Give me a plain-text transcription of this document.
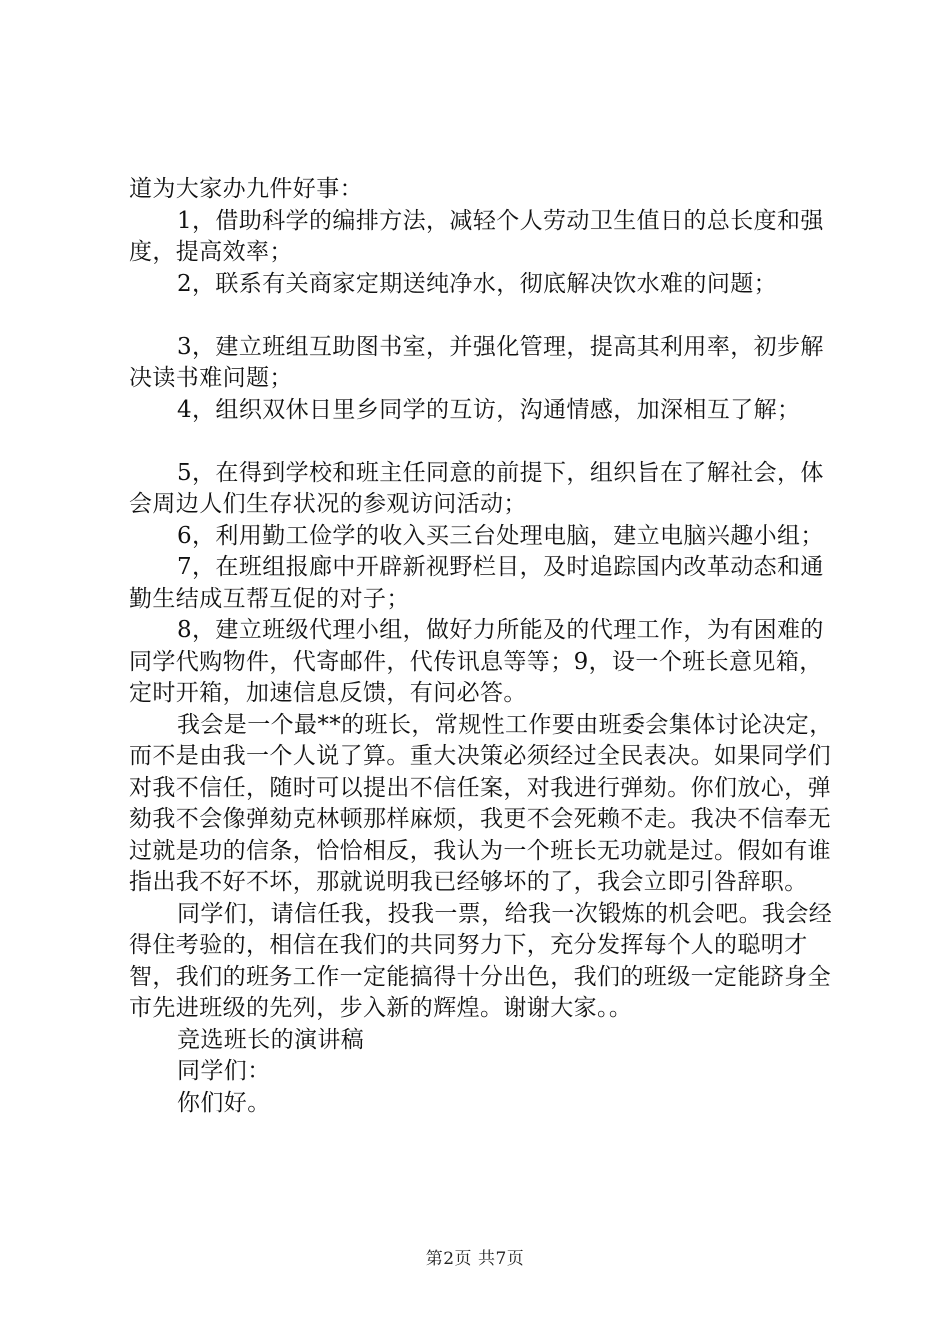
道为大家办九件好事：

1，借助科学的编排方法，减轻个人劳动卫生值日的总长度和强度，提高效率；

2，联系有关商家定期送纯净水，彻底解决饮水难的问题；

3，建立班组互助图书室，并强化管理，提高其利用率，初步解决读书难问题；

4，组织双休日里乡同学的互访，沟通情感，加深相互了解；

5，在得到学校和班主任同意的前提下，组织旨在了解社会，体会周边人们生存状况的参观访问活动；

6，利用勤工俭学的收入买三台处理电脑，建立电脑兴趣小组；

7，在班组报廊中开辟新视野栏目，及时追踪国内改革动态和通勤生结成互帮互促的对子；

8，建立班级代理小组，做好力所能及的代理工作，为有困难的同学代购物件，代寄邮件，代传讯息等等；9，设一个班长意见箱，定时开箱，加速信息反馈，有问必答。

我会是一个最**的班长，常规性工作要由班委会集体讨论决定，而不是由我一个人说了算。重大决策必须经过全民表决。如果同学们对我不信任，随时可以提出不信任案，对我进行弹劾。你们放心，弹劾我不会像弹劾克林顿那样麻烦，我更不会死赖不走。我决不信奉无过就是功的信条，恰恰相反，我认为一个班长无功就是过。假如有谁指出我不好不坏，那就说明我已经够坏的了，我会立即引咎辞职。

同学们，请信任我，投我一票，给我一次锻炼的机会吧。我会经得住考验的，相信在我们的共同努力下，充分发挥每个人的聪明才智，我们的班务工作一定能搞得十分出色，我们的班级一定能跻身全市先进班级的先列，步入新的辉煌。谢谢大家。。

竞选班长的演讲稿

同学们：

你们好。

第2页 共7页
